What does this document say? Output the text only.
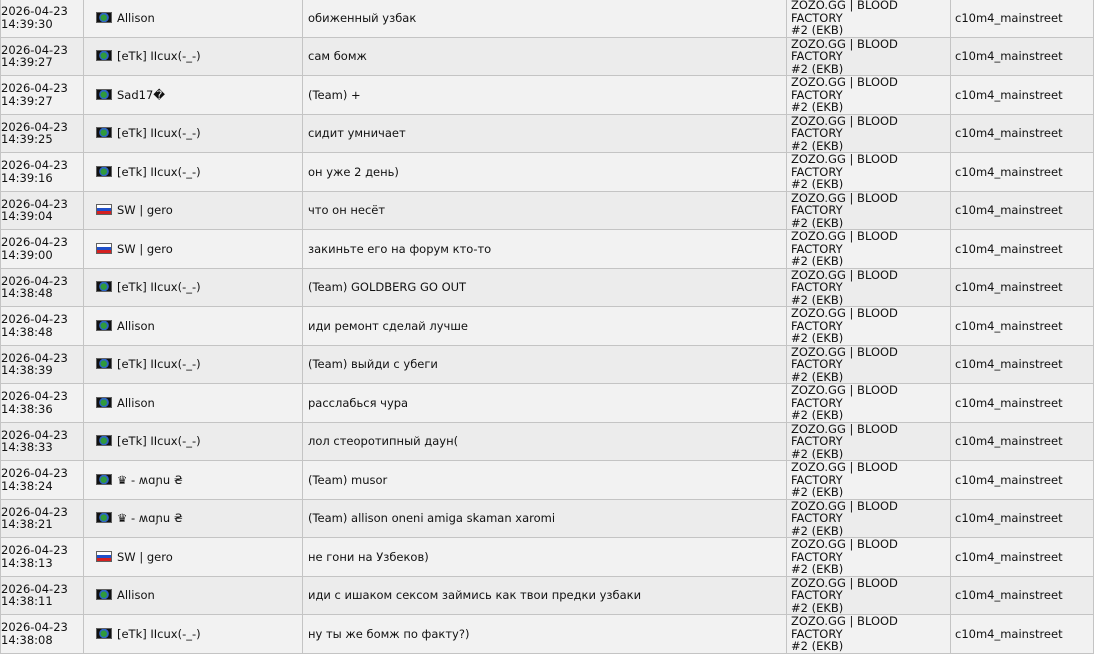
2026-04-23
14:39:30	Allison	обиженный узбак	ZOZO.GG | BLOOD FACTORY
#2 (EKB)	c10m4_mainstreet

2026-04-23
14:39:27	[eTk] IIcux(-_-)	сам бомж	ZOZO.GG | BLOOD FACTORY
#2 (EKB)	c10m4_mainstreet

2026-04-23
14:39:27	Sad17�	(Team) +	ZOZO.GG | BLOOD FACTORY
#2 (EKB)	c10m4_mainstreet

2026-04-23
14:39:25	[eTk] IIcux(-_-)	сидит умничает	ZOZO.GG | BLOOD FACTORY
#2 (EKB)	c10m4_mainstreet

2026-04-23
14:39:16	[eTk] IIcux(-_-)	он уже 2 день)	ZOZO.GG | BLOOD FACTORY
#2 (EKB)	c10m4_mainstreet

2026-04-23
14:39:04	SW | gero	что он несёт	ZOZO.GG | BLOOD FACTORY
#2 (EKB)	c10m4_mainstreet

2026-04-23
14:39:00	SW | gero	закиньте его на форум кто-то	ZOZO.GG | BLOOD FACTORY
#2 (EKB)	c10m4_mainstreet

2026-04-23
14:38:48	[eTk] IIcux(-_-)	(Team) GOLDBERG GO OUT	ZOZO.GG | BLOOD FACTORY
#2 (EKB)	c10m4_mainstreet

2026-04-23
14:38:48	Allison	иди ремонт сделай лучше	ZOZO.GG | BLOOD FACTORY
#2 (EKB)	c10m4_mainstreet

2026-04-23
14:38:39	[eTk] IIcux(-_-)	(Team) выйди с убеги	ZOZO.GG | BLOOD FACTORY
#2 (EKB)	c10m4_mainstreet

2026-04-23
14:38:36	Allison	расслабься чура	ZOZO.GG | BLOOD FACTORY
#2 (EKB)	c10m4_mainstreet

2026-04-23
14:38:33	[eTk] IIcux(-_-)	лол стеоротипный даун(	ZOZO.GG | BLOOD FACTORY
#2 (EKB)	c10m4_mainstreet

2026-04-23
14:38:24	♛ - ʍɑɲu ₴	(Team) musor	ZOZO.GG | BLOOD FACTORY
#2 (EKB)	c10m4_mainstreet

2026-04-23
14:38:21	♛ - ʍɑɲu ₴	(Team) allison oneni amiga skaman xaromi	ZOZO.GG | BLOOD FACTORY
#2 (EKB)	c10m4_mainstreet

2026-04-23
14:38:13	SW | gero	не гони на Узбеков)	ZOZO.GG | BLOOD FACTORY
#2 (EKB)	c10m4_mainstreet

2026-04-23
14:38:11	Allison	иди с ишаком сексом займись как твои предки узбаки	ZOZO.GG | BLOOD FACTORY
#2 (EKB)	c10m4_mainstreet

2026-04-23
14:38:08	[eTk] IIcux(-_-)	ну ты же бомж по факту?)	ZOZO.GG | BLOOD FACTORY
#2 (EKB)	c10m4_mainstreet
